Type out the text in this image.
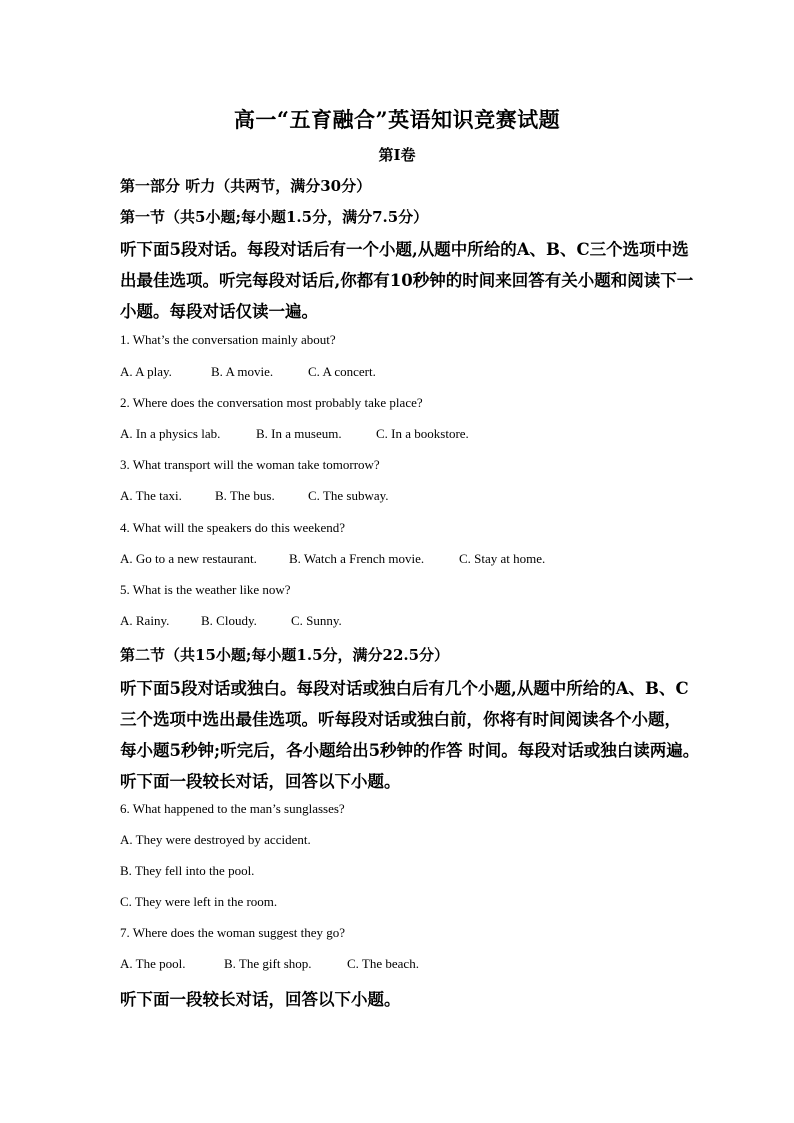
高一“五育融合”英语知识竞赛试题
第Ⅰ卷
第一部分 听力（共两节，满分30分）
第一节（共5小题;每小题1.5分，满分7.5分）
听下面5段对话。每段对话后有一个小题,从题中所给的A、B、C三个选项中选
出最佳选项。听完每段对话后,你都有10秒钟的时间来回答有关小题和阅读下一
小题。每段对话仅读一遍。
1. What’s the conversation mainly about?
A. A play.	B. A movie.	C. A concert.
2. Where does the conversation most probably take place?
A. In a physics lab.	B. In a museum.	C. In a bookstore.
3. What transport will the woman take tomorrow?
A. The taxi.	B. The bus.	C. The subway.
4. What will the speakers do this weekend?
A. Go to a new restaurant. B. Watch a French movie.	C. Stay at home.
5. What is the weather like now?
A. Rainy. B. Cloudy.	C. Sunny.
第二节（共15小题;每小题1.5分，满分22.5分）
听下面5段对话或独白。每段对话或独白后有几个小题,从题中所给的A、B、C
三个选项中选出最佳选项。听每段对话或独白前，你将有时间阅读各个小题，
每小题5秒钟;听完后，各小题给出5秒钟的作答 时间。每段对话或独白读两遍。
听下面一段较长对话，回答以下小题。
6. What happened to the man’s sunglasses?
A. They were destroyed by accident.
B. They fell into the pool.
C. They were left in the room.
7. Where does the woman suggest they go?
A. The pool.	B. The gift shop.	C. The beach.
听下面一段较长对话，回答以下小题。
